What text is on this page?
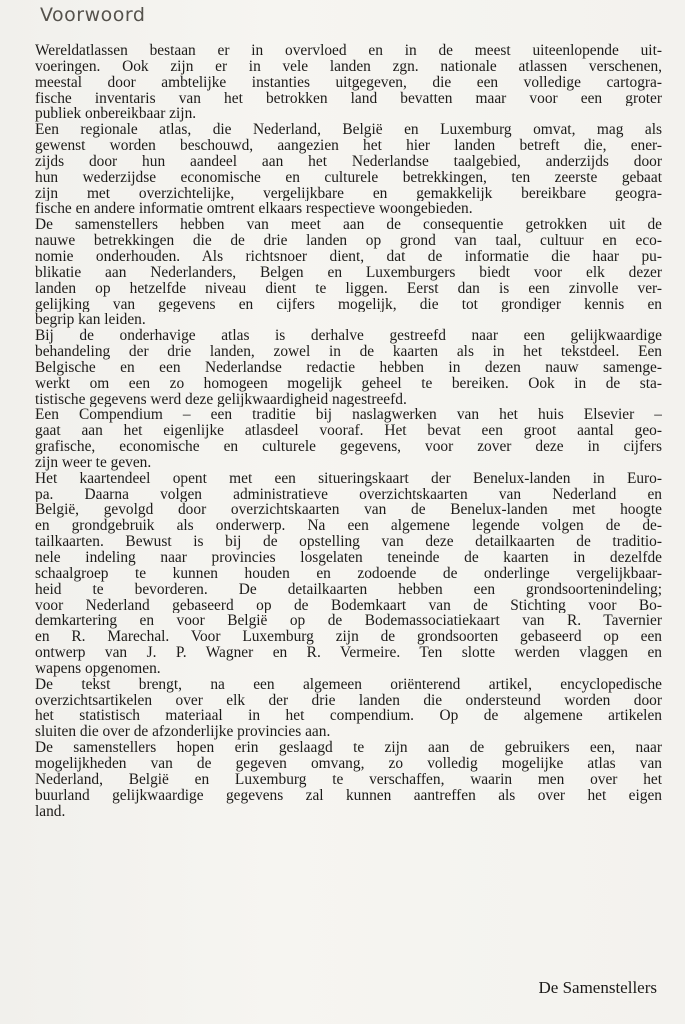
Voorwoord
Wereldatlassen bestaan er in overvloed en in de meest uiteenlopende uit-
voeringen. Ook zijn er in vele landen zgn. nationale atlassen verschenen,
meestal door ambtelijke instanties uitgegeven, die een volledige cartogra-
fische inventaris van het betrokken land bevatten maar voor een groter
publiek onbereikbaar zijn.
Een regionale atlas, die Nederland, België en Luxemburg omvat, mag als
gewenst worden beschouwd, aangezien het hier landen betreft die, ener-
zijds door hun aandeel aan het Nederlandse taalgebied, anderzijds door
hun wederzijdse economische en culturele betrekkingen, ten zeerste gebaat
zijn met overzichtelijke, vergelijkbare en gemakkelijk bereikbare geogra-
fische en andere informatie omtrent elkaars respectieve woongebieden.
De samenstellers hebben van meet aan de consequentie getrokken uit de
nauwe betrekkingen die de drie landen op grond van taal, cultuur en eco-
nomie onderhouden. Als richtsnoer dient, dat de informatie die haar pu-
blikatie aan Nederlanders, Belgen en Luxemburgers biedt voor elk dezer
landen op hetzelfde niveau dient te liggen. Eerst dan is een zinvolle ver-
gelijking van gegevens en cijfers mogelijk, die tot grondiger kennis en
begrip kan leiden.
Bij de onderhavige atlas is derhalve gestreefd naar een gelijkwaardige
behandeling der drie landen, zowel in de kaarten als in het tekstdeel. Een
Belgische en een Nederlandse redactie hebben in dezen nauw samenge-
werkt om een zo homogeen mogelijk geheel te bereiken. Ook in de sta-
tistische gegevens werd deze gelijkwaardigheid nagestreefd.
Een Compendium – een traditie bij naslagwerken van het huis Elsevier –
gaat aan het eigenlijke atlasdeel vooraf. Het bevat een groot aantal geo-
grafische, economische en culturele gegevens, voor zover deze in cijfers
zijn weer te geven.
Het kaartendeel opent met een situeringskaart der Benelux-landen in Euro-
pa. Daarna volgen administratieve overzichtskaarten van Nederland en
België, gevolgd door overzichtskaarten van de Benelux-landen met hoogte
en grondgebruik als onderwerp. Na een algemene legende volgen de de-
tailkaarten. Bewust is bij de opstelling van deze detailkaarten de traditio-
nele indeling naar provincies losgelaten teneinde de kaarten in dezelfde
schaalgroep te kunnen houden en zodoende de onderlinge vergelijkbaar-
heid te bevorderen. De detailkaarten hebben een grondsoortenindeling;
voor Nederland gebaseerd op de Bodemkaart van de Stichting voor Bo-
demkartering en voor België op de Bodemassociatiekaart van R. Tavernier
en R. Marechal. Voor Luxemburg zijn de grondsoorten gebaseerd op een
ontwerp van J. P. Wagner en R. Vermeire. Ten slotte werden vlaggen en
wapens opgenomen.
De tekst brengt, na een algemeen oriënterend artikel, encyclopedische
overzichtsartikelen over elk der drie landen die ondersteund worden door
het statistisch materiaal in het compendium. Op de algemene artikelen
sluiten die over de afzonderlijke provincies aan.
De samenstellers hopen erin geslaagd te zijn aan de gebruikers een, naar
mogelijkheden van de gegeven omvang, zo volledig mogelijke atlas van
Nederland, België en Luxemburg te verschaffen, waarin men over het
buurland gelijkwaardige gegevens zal kunnen aantreffen als over het eigen
land.
De Samenstellers
